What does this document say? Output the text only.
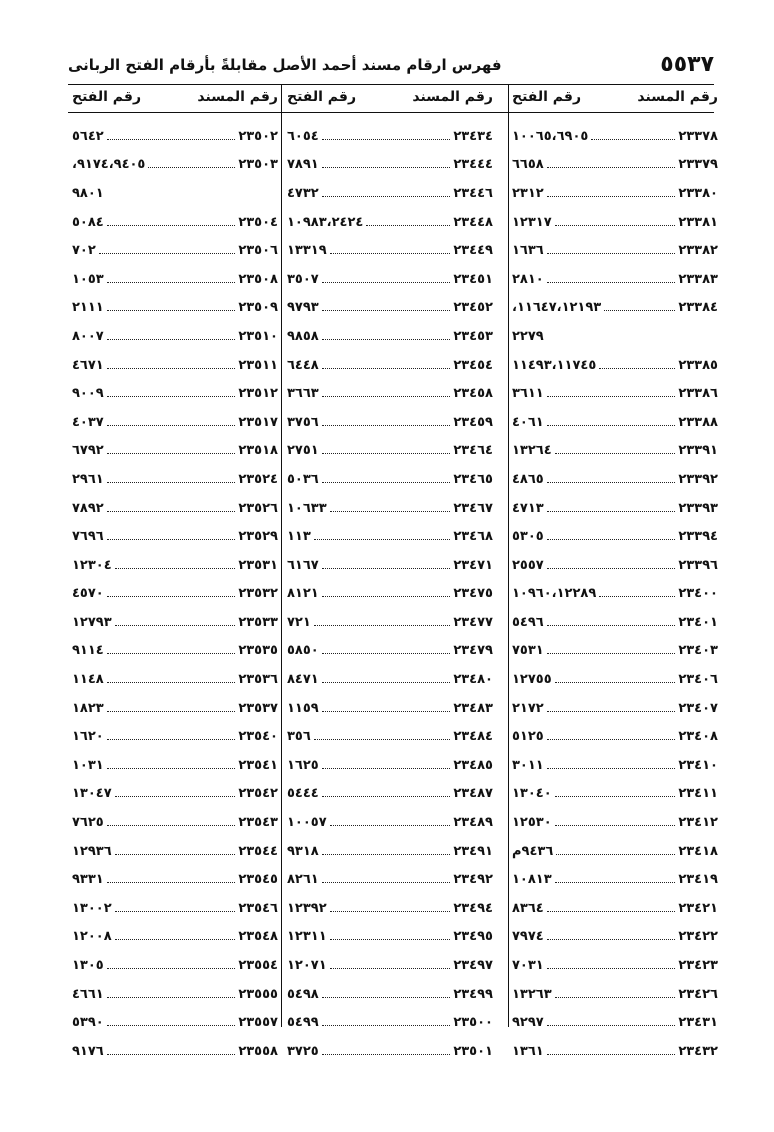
٥٥٣٧
فهرس ارقام مسند أحمد الأصل مقابلةً بأرقام الفتح الربانى
رقم المسند
رقم الفتح
٢٣٣٧٨
١٠٠٦٥،٦٩٠٥
٢٣٣٧٩
٦٦٥٨
٢٣٣٨٠
٢٣١٢
٢٣٣٨١
١٢٣١٧
٢٣٣٨٢
١٦٣٦
٢٣٣٨٣
٢٨١٠
٢٣٣٨٤
١١٦٤٧،١٢١٩٣،
٢٢٧٩
٢٣٣٨٥
١١٤٩٣،١١٧٤٥
٢٣٣٨٦
٣٦١١
٢٣٣٨٨
٤٠٦١
٢٣٣٩١
١٣٢٦٤
٢٣٣٩٢
٤٨٦٥
٢٣٣٩٣
٤٧١٣
٢٣٣٩٤
٥٣٠٥
٢٣٣٩٦
٢٥٥٧
٢٣٤٠٠
١٠٩٦٠،١٢٢٨٩
٢٣٤٠١
٥٤٩٦
٢٣٤٠٣
٧٥٣١
٢٣٤٠٦
١٢٧٥٥
٢٣٤٠٧
٢١٧٢
٢٣٤٠٨
٥١٢٥
٢٣٤١٠
٣٠١١
٢٣٤١١
١٣٠٤٠
٢٣٤١٢
١٢٥٣٠
٢٣٤١٨
٩٤٣٦م
٢٣٤١٩
١٠٨١٣
٢٣٤٢١
٨٣٦٤
٢٣٤٢٢
٧٩٧٤
٢٣٤٢٣
٧٠٣١
٢٣٤٢٦
١٣٢٦٣
٢٣٤٣١
٩٢٩٧
٢٣٤٣٢
١٣٦١
رقم المسند
رقم الفتح
٢٣٤٣٤
٦٠٥٤
٢٣٤٤٤
٧٨٩١
٢٣٤٤٦
٤٧٣٢
٢٣٤٤٨
١٠٩٨٣،٢٤٢٤
٢٣٤٤٩
١٣٣١٩
٢٣٤٥١
٣٥٠٧
٢٣٤٥٢
٩٧٩٣
٢٣٤٥٣
٩٨٥٨
٢٣٤٥٤
٦٤٤٨
٢٣٤٥٨
٣٦٦٣
٢٣٤٥٩
٣٧٥٦
٢٣٤٦٤
٢٧٥١
٢٣٤٦٥
٥٠٣٦
٢٣٤٦٧
١٠٦٣٣
٢٣٤٦٨
١١٣
٢٣٤٧١
٦١٦٧
٢٣٤٧٥
٨١٢١
٢٣٤٧٧
٧٢١
٢٣٤٧٩
٥٨٥٠
٢٣٤٨٠
٨٤٧١
٢٣٤٨٣
١١٥٩
٢٣٤٨٤
٣٥٦
٢٣٤٨٥
١٦٢٥
٢٣٤٨٧
٥٤٤٤
٢٣٤٨٩
١٠٠٥٧
٢٣٤٩١
٩٣١٨
٢٣٤٩٢
٨٢٦١
٢٣٤٩٤
١٢٣٩٢
٢٣٤٩٥
١٢٣١١
٢٣٤٩٧
١٢٠٧١
٢٣٤٩٩
٥٤٩٨
٢٣٥٠٠
٥٤٩٩
٢٣٥٠١
٣٧٢٥
رقم المسند
رقم الفتح
٢٣٥٠٢
٥٦٤٢
٢٣٥٠٣
٩١٧٤،٩٤٠٥،
٩٨٠١
٢٣٥٠٤
٥٠٨٤
٢٣٥٠٦
٧٠٢
٢٣٥٠٨
١٠٥٣
٢٣٥٠٩
٢١١١
٢٣٥١٠
٨٠٠٧
٢٣٥١١
٤٦٧١
٢٣٥١٢
٩٠٠٩
٢٣٥١٧
٤٠٣٧
٢٣٥١٨
٦٧٩٢
٢٣٥٢٤
٢٩٦١
٢٣٥٢٦
٧٨٩٢
٢٣٥٢٩
٧٦٩٦
٢٣٥٣١
١٢٣٠٤
٢٣٥٣٢
٤٥٧٠
٢٣٥٣٣
١٢٧٩٣
٢٣٥٣٥
٩١١٤
٢٣٥٣٦
١١٤٨
٢٣٥٣٧
١٨٢٣
٢٣٥٤٠
١٦٢٠
٢٣٥٤١
١٠٣١
٢٣٥٤٢
١٣٠٤٧
٢٣٥٤٣
٧٦٢٥
٢٣٥٤٤
١٢٩٣٦
٢٣٥٤٥
٩٣٣١
٢٣٥٤٦
١٣٠٠٢
٢٣٥٤٨
١٢٠٠٨
٢٣٥٥٤
١٣٠٥
٢٣٥٥٥
٤٦٦١
٢٣٥٥٧
٥٣٩٠
٢٣٥٥٨
٩١٧٦
